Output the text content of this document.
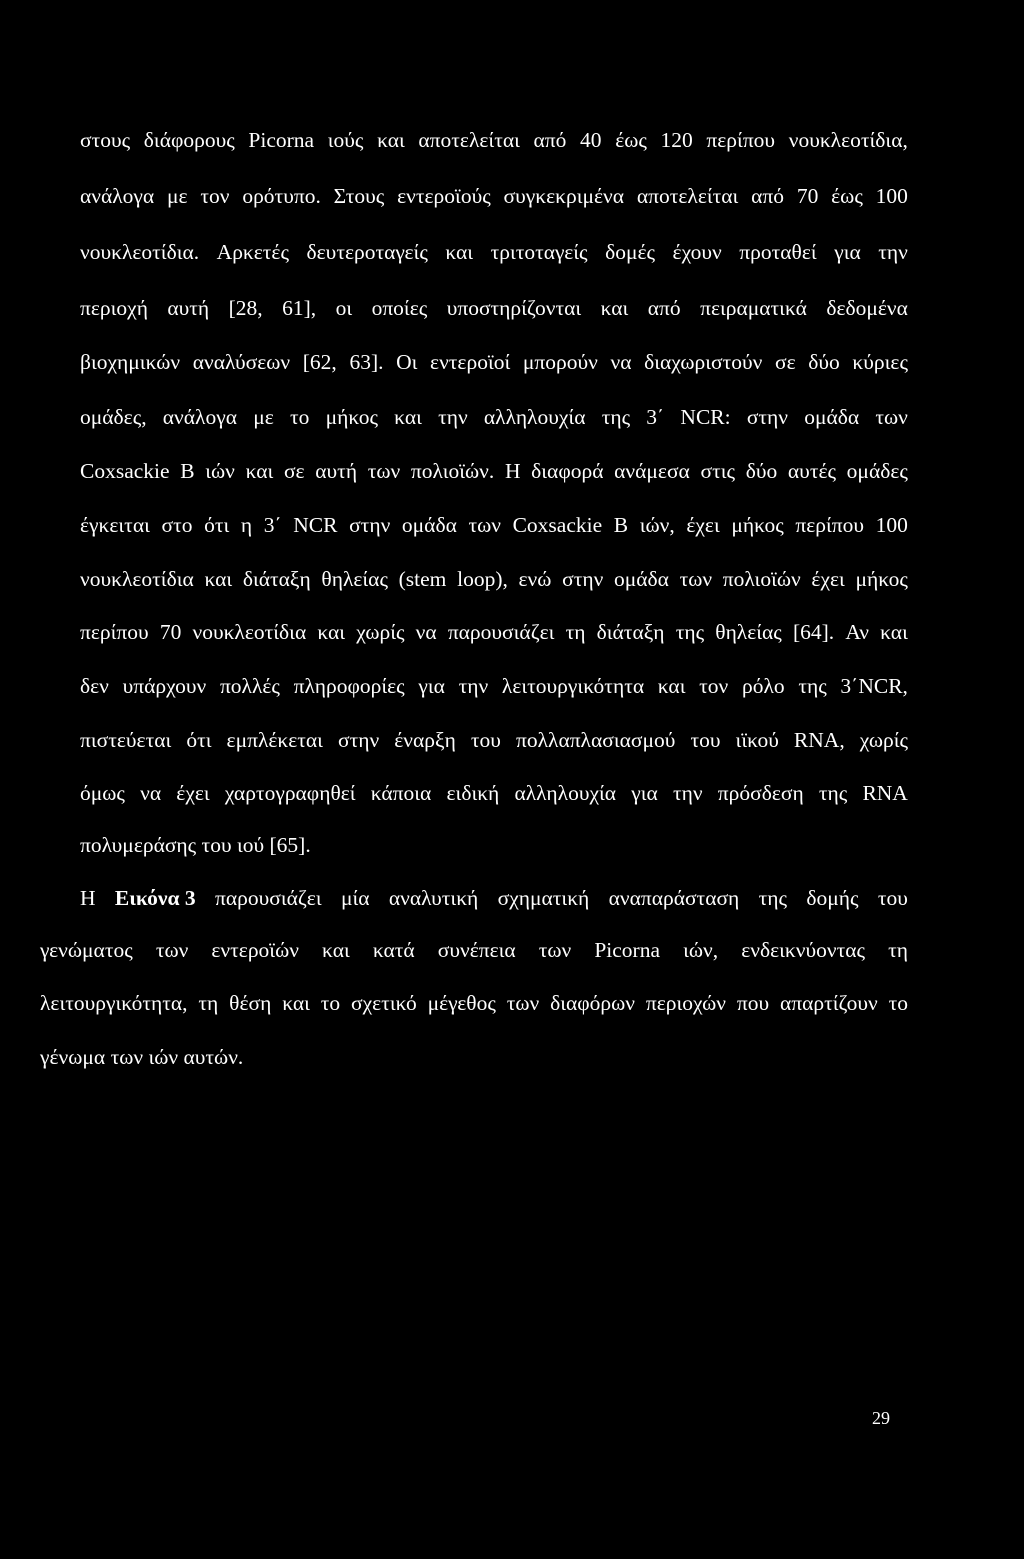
στους διάφορους Picorna ιούς και αποτελείται από 40 έως 120 περίπου νουκλεοτίδια,
ανάλογα με τον ορότυπο. Στους εντεροϊούς συγκεκριμένα αποτελείται από 70 έως 100
νουκλεοτίδια. Αρκετές δευτεροταγείς και τριτοταγείς δομές έχουν προταθεί για την
περιοχή αυτή [28, 61], οι οποίες υποστηρίζονται και από πειραματικά δεδομένα
βιοχημικών αναλύσεων [62, 63]. Οι εντεροϊοί μπορούν να διαχωριστούν σε δύο κύριες
ομάδες, ανάλογα με το μήκος και την αλληλουχία της 3΄ NCR: στην ομάδα των
Coxsackie B ιών και σε αυτή των πολιοϊών. Η διαφορά ανάμεσα στις δύο αυτές ομάδες
έγκειται στο ότι η 3΄ NCR στην ομάδα των Coxsackie B ιών, έχει μήκος περίπου 100
νουκλεοτίδια και διάταξη θηλείας (stem loop), ενώ στην ομάδα των πολιοϊών έχει μήκος
περίπου 70 νουκλεοτίδια και χωρίς να παρουσιάζει τη διάταξη της θηλείας [64]. Αν και
δεν υπάρχουν πολλές πληροφορίες για την λειτουργικότητα και τον ρόλο της 3΄NCR,
πιστεύεται ότι εμπλέκεται στην έναρξη του πολλαπλασιασμού του ιϊκού RNA, χωρίς
όμως να έχει χαρτογραφηθεί κάποια ειδική αλληλουχία για την πρόσδεση της RNA
πολυμεράσης του ιού [65].
Η Εικόνα 3 παρουσιάζει μία αναλυτική σχηματική αναπαράσταση της δομής του
γενώματος των εντεροϊών και κατά συνέπεια των Picorna ιών, ενδεικνύοντας τη
λειτουργικότητα, τη θέση και το σχετικό μέγεθος των διαφόρων περιοχών που απαρτίζουν το
γένωμα των ιών αυτών.
29
